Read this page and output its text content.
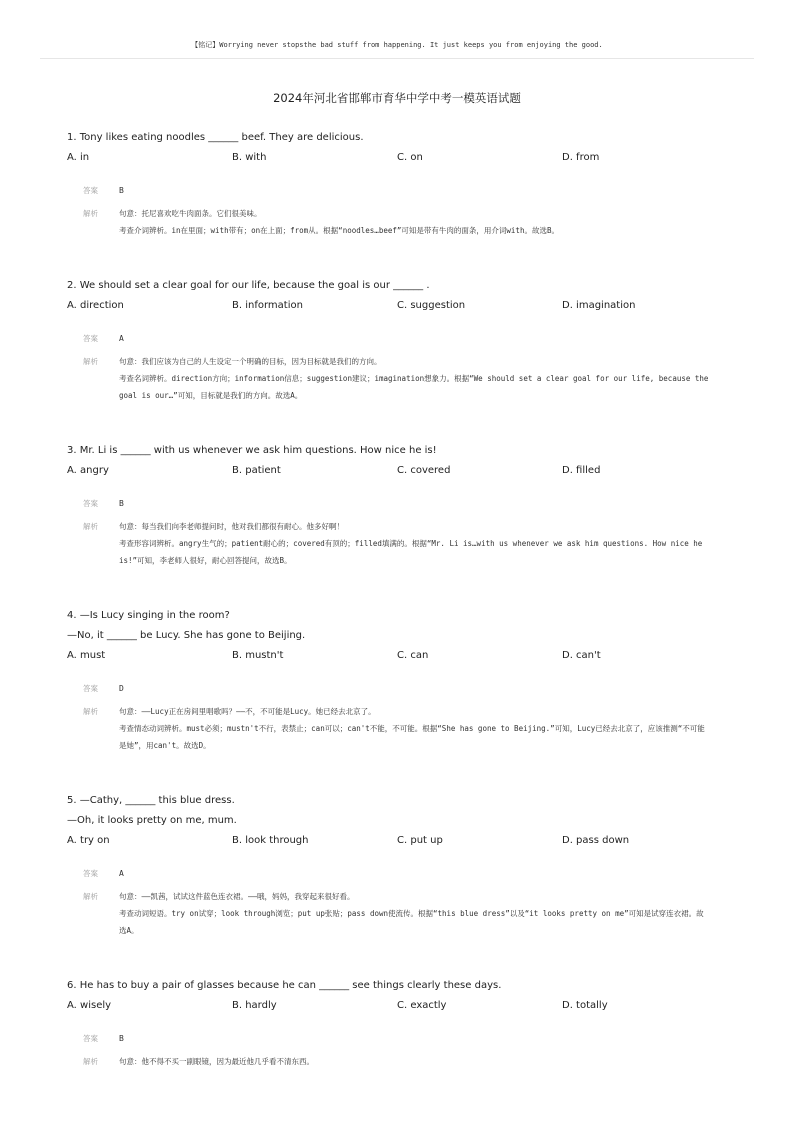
【铭记】Worrying never stopsthe bad stuff from happening. It just keeps you from enjoying the good.
2024年河北省邯郸市育华中学中考一模英语试题
1. Tony likes eating noodles ______ beef. They are delicious.
A. in	B. with	C. on	D. from
答案	B
解析	句意：托尼喜欢吃牛肉面条。它们很美味。
考查介词辨析。in在里面；with带有；on在上面；from从。根据“noodles…beef”可知是带有牛肉的面条，用介词with。故选B。
2. We should set a clear goal for our life, because the goal is our ______ .
A. direction	B. information	C. suggestion	D. imagination
答案	A
解析	句意：我们应该为自己的人生设定一个明确的目标，因为目标就是我们的方向。
考查名词辨析。direction方向；information信息；suggestion建议；imagination想象力。根据“We should set a clear goal for our life, because the goal is our…”可知，目标就是我们的方向。故选A。
3. Mr. Li is ______ with us whenever we ask him questions. How nice he is!
A. angry	B. patient	C. covered	D. filled
答案	B
解析	句意：每当我们向李老师提问时，他对我们都很有耐心。他多好啊！
考查形容词辨析。angry生气的；patient耐心的；covered有顶的；filled填满的。根据“Mr. Li is…with us whenever we ask him questions. How nice he is!”可知，李老师人很好，耐心回答提问，故选B。
4. —Is Lucy singing in the room?
—No, it ______ be Lucy. She has gone to Beijing.
A. must	B. mustn't	C. can	D. can't
答案	D
解析	句意：——Lucy正在房间里唱歌吗？——不，不可能是Lucy。她已经去北京了。
考查情态动词辨析。must必须；mustn't不行，表禁止；can可以；can't不能，不可能。根据“She has gone to Beijing.”可知，Lucy已经去北京了，应该推测“不可能是她”，用can't。故选D。
5. —Cathy, ______ this blue dress.
—Oh, it looks pretty on me, mum.
A. try on	B. look through	C. put up	D. pass down
答案	A
解析	句意：——凯茜，试试这件蓝色连衣裙。——哦，妈妈，我穿起来很好看。
考查动词短语。try on试穿；look through浏览；put up张贴；pass down使流传。根据“this blue dress”以及“it looks pretty on me”可知是试穿连衣裙。故选A。
6. He has to buy a pair of glasses because he can ______ see things clearly these days.
A. wisely	B. hardly	C. exactly	D. totally
答案	B
解析	句意：他不得不买一副眼镜，因为最近他几乎看不清东西。
